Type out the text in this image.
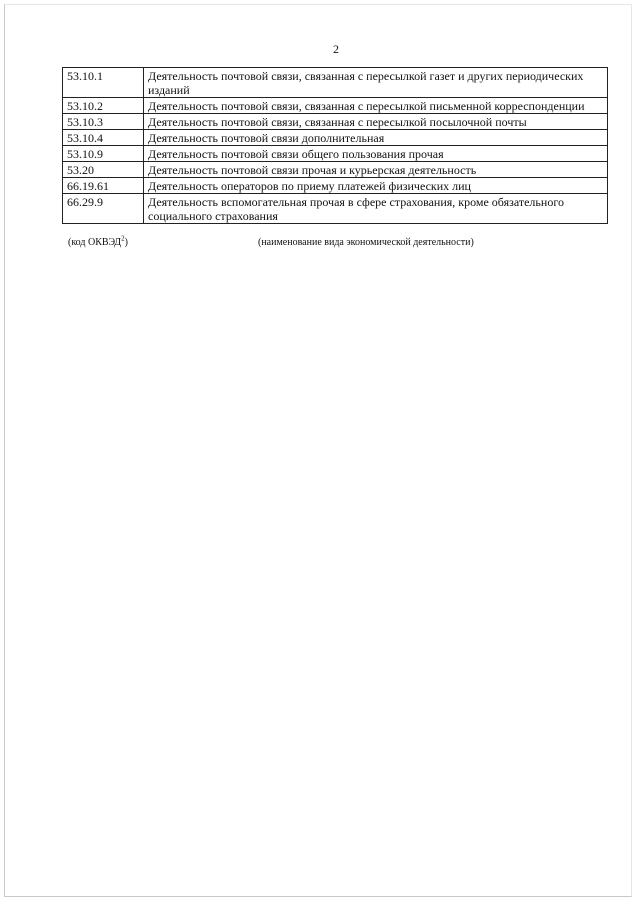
2
53.10.1	Деятельность почтовой связи, связанная с пересылкой газет и других периодических изданий
53.10.2	Деятельность почтовой связи, связанная с пересылкой письменной корреспонденции
53.10.3	Деятельность почтовой связи, связанная с пересылкой посылочной почты
53.10.4	Деятельность почтовой связи дополнительная
53.10.9	Деятельность почтовой связи общего пользования прочая
53.20	Деятельность почтовой связи прочая и курьерская деятельность
66.19.61	Деятельность операторов по приему платежей физических лиц
66.29.9	Деятельность вспомогательная прочая в сфере страхования, кроме обязательного социального страхования
(код ОКВЭД$^2$)	(наименование вида экономической деятельности)
